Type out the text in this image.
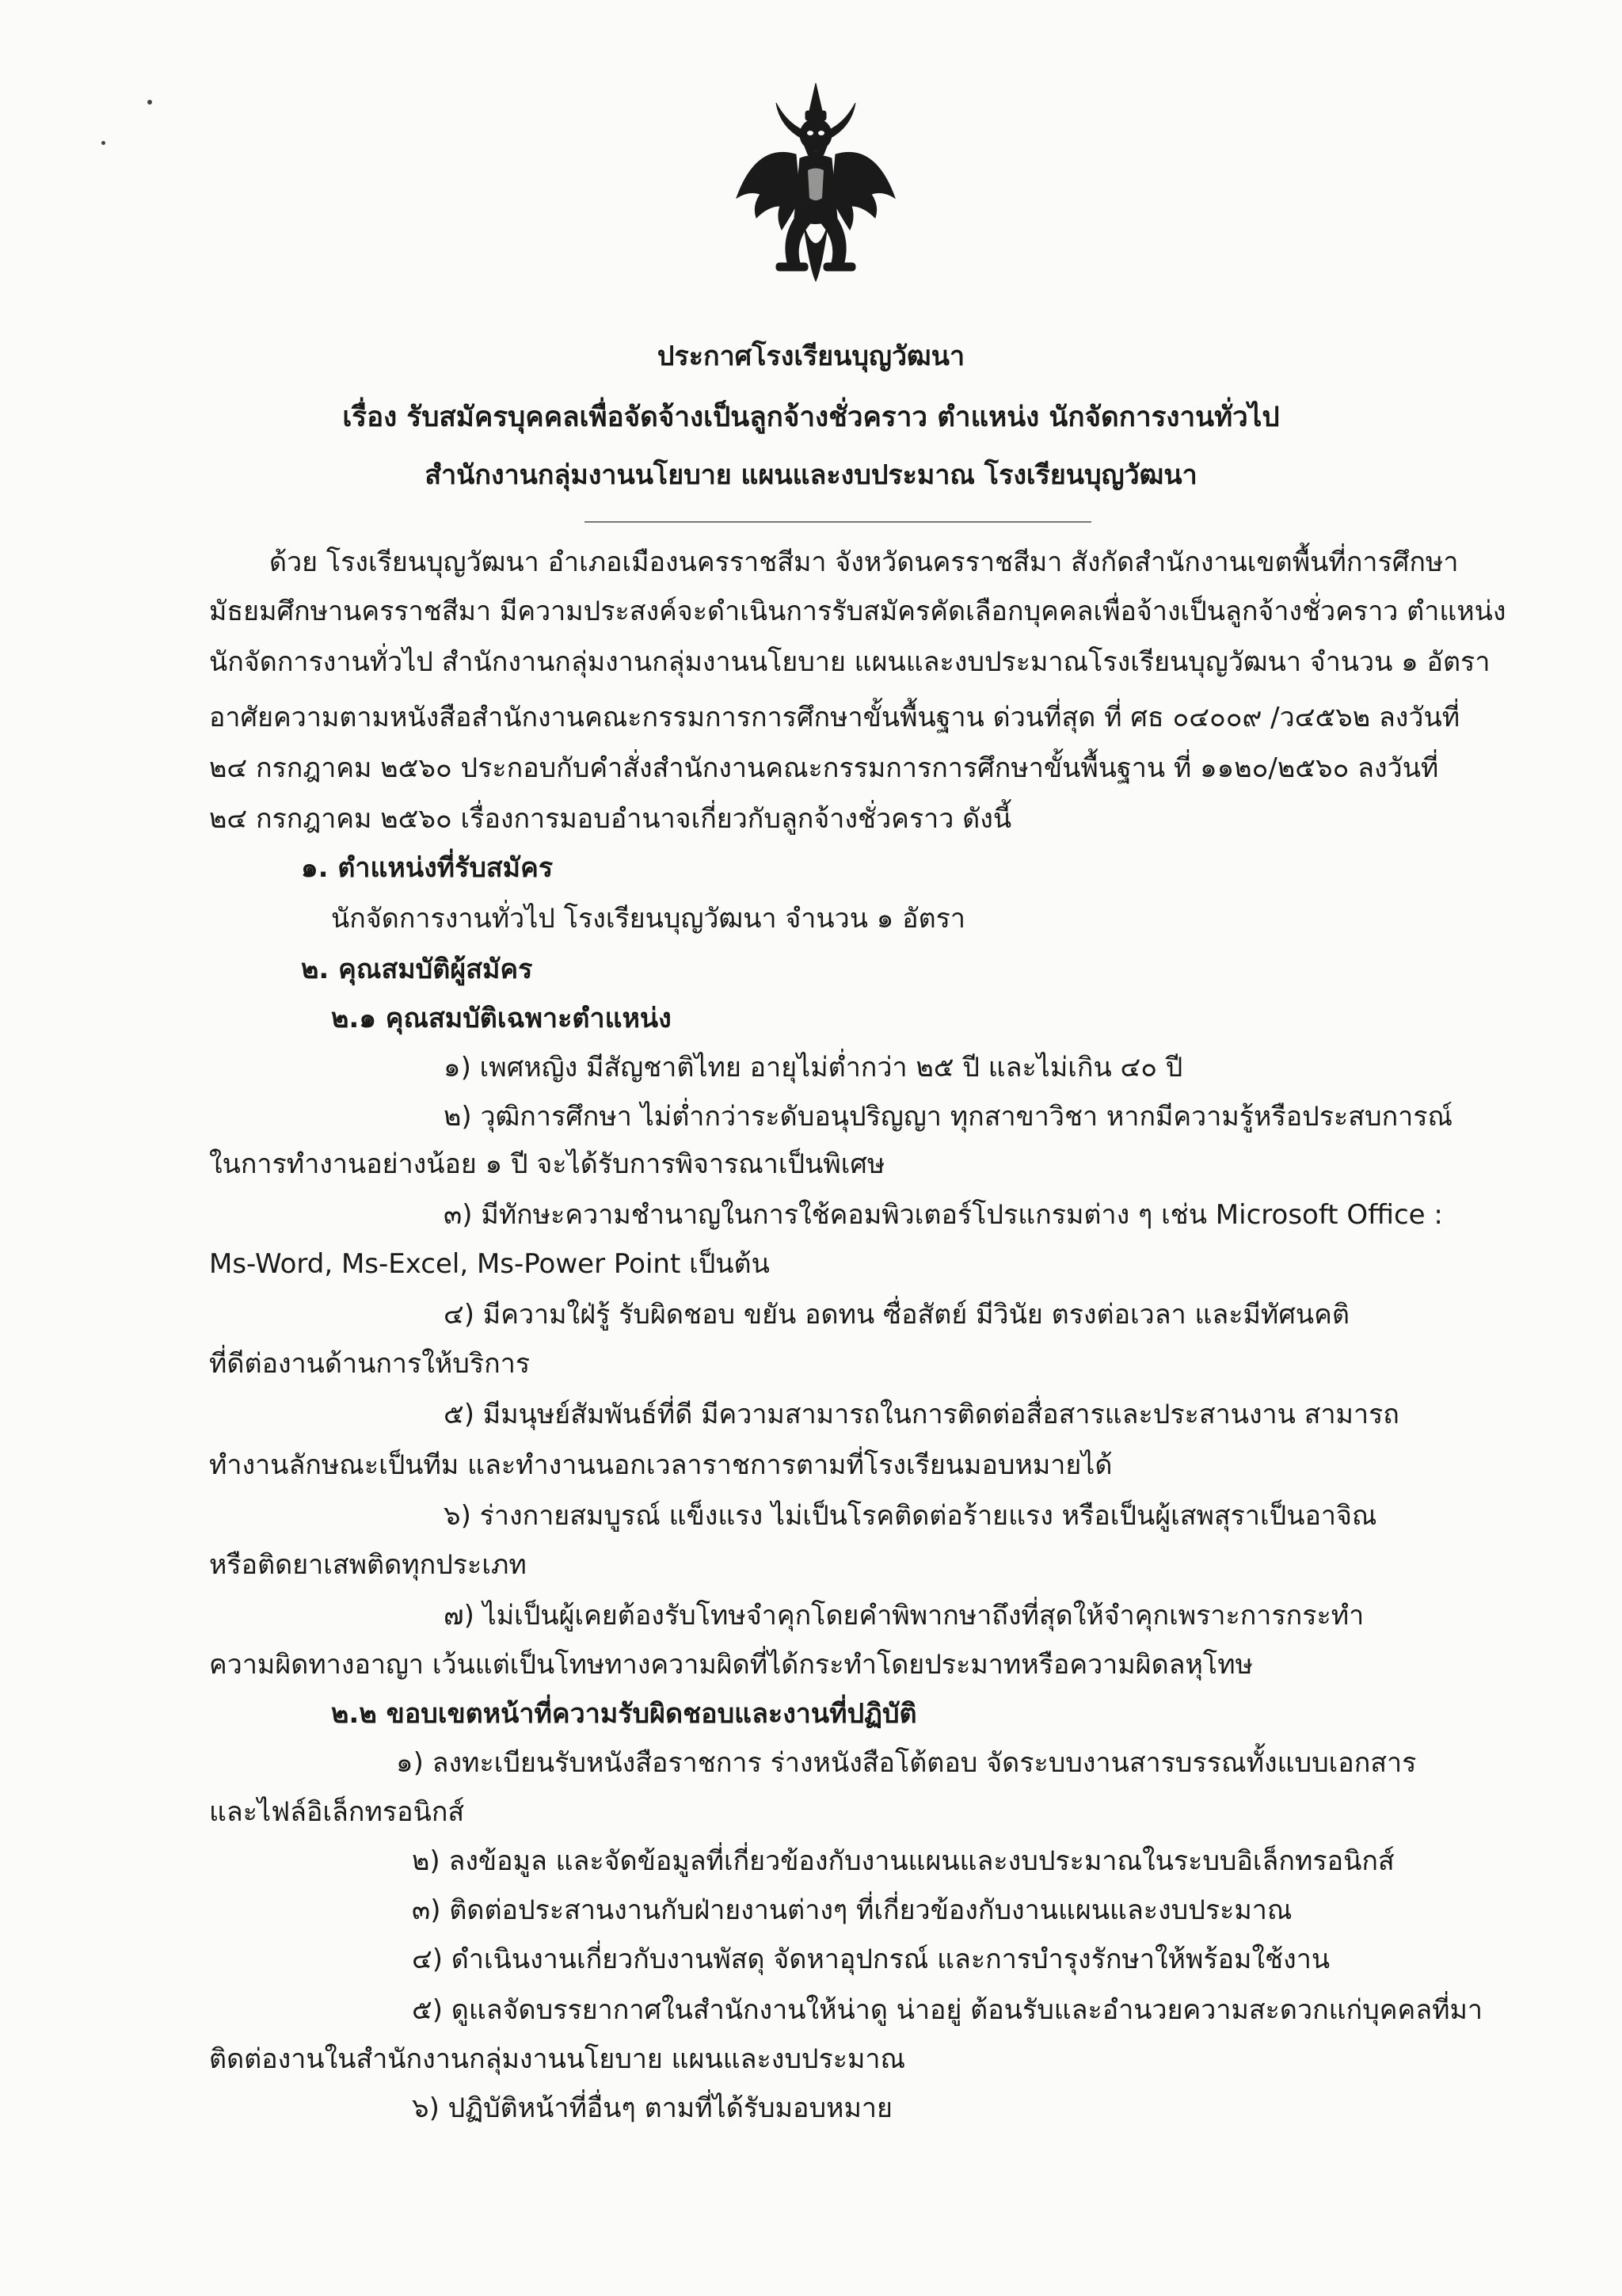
ประกาศโรงเรียนบุญวัฒนา
เรื่อง รับสมัครบุคคลเพื่อจัดจ้างเป็นลูกจ้างชั่วคราว ตำแหน่ง นักจัดการงานทั่วไป
สำนักงานกลุ่มงานนโยบาย แผนและงบประมาณ โรงเรียนบุญวัฒนา
ด้วย โรงเรียนบุญวัฒนา อำเภอเมืองนครราชสีมา จังหวัดนครราชสีมา สังกัดสำนักงานเขตพื้นที่การศึกษา
มัธยมศึกษานครราชสีมา มีความประสงค์จะดำเนินการรับสมัครคัดเลือกบุคคลเพื่อจ้างเป็นลูกจ้างชั่วคราว ตำแหน่ง
นักจัดการงานทั่วไป สำนักงานกลุ่มงานกลุ่มงานนโยบาย แผนและงบประมาณโรงเรียนบุญวัฒนา จำนวน ๑ อัตรา
อาศัยความตามหนังสือสำนักงานคณะกรรมการการศึกษาขั้นพื้นฐาน ด่วนที่สุด ที่ ศธ ๐๔๐๐๙ /ว๔๕๖๒ ลงวันที่
๒๔ กรกฎาคม ๒๕๖๐ ประกอบกับคำสั่งสำนักงานคณะกรรมการการศึกษาขั้นพื้นฐาน ที่ ๑๑๒๐/๒๕๖๐ ลงวันที่
๒๔ กรกฎาคม ๒๕๖๐ เรื่องการมอบอำนาจเกี่ยวกับลูกจ้างชั่วคราว ดังนี้
๑. ตำแหน่งที่รับสมัคร
นักจัดการงานทั่วไป โรงเรียนบุญวัฒนา จำนวน ๑ อัตรา
๒. คุณสมบัติผู้สมัคร
๒.๑ คุณสมบัติเฉพาะตำแหน่ง
๑) เพศหญิง มีสัญชาติไทย อายุไม่ต่ำกว่า ๒๕ ปี และไม่เกิน ๔๐ ปี
๒) วุฒิการศึกษา ไม่ต่ำกว่าระดับอนุปริญญา ทุกสาขาวิชา หากมีความรู้หรือประสบการณ์
ในการทำงานอย่างน้อย ๑ ปี จะได้รับการพิจารณาเป็นพิเศษ
๓) มีทักษะความชำนาญในการใช้คอมพิวเตอร์โปรแกรมต่าง ๆ เช่น Microsoft Office :
Ms-Word, Ms-Excel, Ms-Power Point เป็นต้น
๔) มีความใฝ่รู้ รับผิดชอบ ขยัน อดทน ซื่อสัตย์ มีวินัย ตรงต่อเวลา และมีทัศนคติ
ที่ดีต่องานด้านการให้บริการ
๕) มีมนุษย์สัมพันธ์ที่ดี มีความสามารถในการติดต่อสื่อสารและประสานงาน สามารถ
ทำงานลักษณะเป็นทีม และทำงานนอกเวลาราชการตามที่โรงเรียนมอบหมายได้
๖) ร่างกายสมบูรณ์ แข็งแรง ไม่เป็นโรคติดต่อร้ายแรง หรือเป็นผู้เสพสุราเป็นอาจิณ
หรือติดยาเสพติดทุกประเภท
๗) ไม่เป็นผู้เคยต้องรับโทษจำคุกโดยคำพิพากษาถึงที่สุดให้จำคุกเพราะการกระทำ
ความผิดทางอาญา เว้นแต่เป็นโทษทางความผิดที่ได้กระทำโดยประมาทหรือความผิดลหุโทษ
๒.๒ ขอบเขตหน้าที่ความรับผิดชอบและงานที่ปฏิบัติ
๑) ลงทะเบียนรับหนังสือราชการ ร่างหนังสือโต้ตอบ จัดระบบงานสารบรรณทั้งแบบเอกสาร
และไฟล์อิเล็กทรอนิกส์
๒) ลงข้อมูล และจัดข้อมูลที่เกี่ยวข้องกับงานแผนและงบประมาณในระบบอิเล็กทรอนิกส์
๓) ติดต่อประสานงานกับฝ่ายงานต่างๆ ที่เกี่ยวข้องกับงานแผนและงบประมาณ
๔) ดำเนินงานเกี่ยวกับงานพัสดุ จัดหาอุปกรณ์ และการบำรุงรักษาให้พร้อมใช้งาน
๕) ดูแลจัดบรรยากาศในสำนักงานให้น่าดู น่าอยู่ ต้อนรับและอำนวยความสะดวกแก่บุคคลที่มา
ติดต่องานในสำนักงานกลุ่มงานนโยบาย แผนและงบประมาณ
๖) ปฏิบัติหน้าที่อื่นๆ ตามที่ได้รับมอบหมาย
